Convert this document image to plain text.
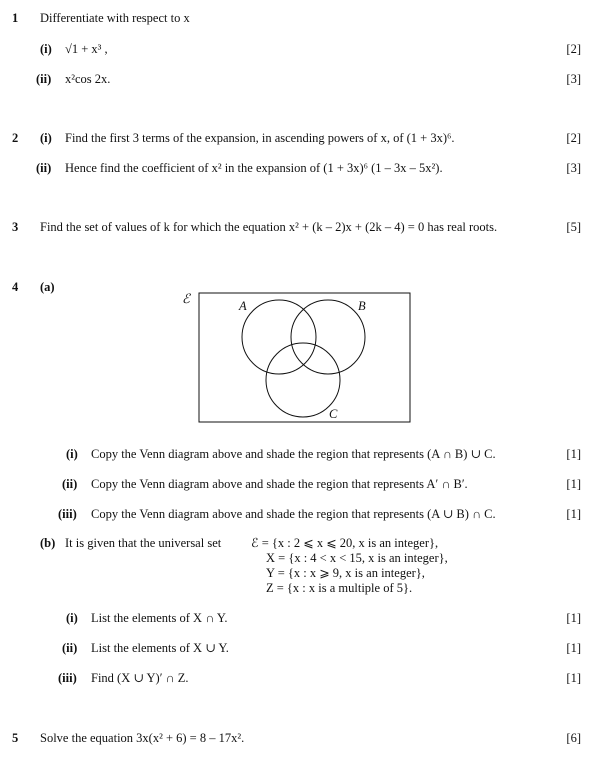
1 Differentiate with respect to x
(i) √1 + x³ ,	[2]
(ii) x²cos 2x.	[3]
2 (i) Find the first 3 terms of the expansion, in ascending powers of x, of (1 + 3x)⁶.	[2]
(ii) Hence find the coefficient of x² in the expansion of (1 + 3x)⁶ (1 – 3x – 5x²).	[3]
3 Find the set of values of k for which the equation x² + (k – 2)x + (2k – 4) = 0 has real roots.	[5]
4 (a)
ℰ	A	B
C
(i) Copy the Venn diagram above and shade the region that represents (A ∩ B) ∪ C.	[1]
(ii) Copy the Venn diagram above and shade the region that represents A′ ∩ B′.	[1]
(iii) Copy the Venn diagram above and shade the region that represents (A ∪ B) ∩ C.	[1]
(b) It is given that the universal set ℰ = {x : 2 ⩽ x ⩽ 20, x is an integer},
X = {x : 4 < x < 15, x is an integer},
Y = {x : x ⩾ 9, x is an integer},
Z = {x : x is a multiple of 5}.
(i) List the elements of X ∩ Y.	[1]
(ii) List the elements of X ∪ Y.	[1]
(iii) Find (X ∪ Y)′ ∩ Z.	[1]
5 Solve the equation 3x(x² + 6) = 8 – 17x².	[6]
